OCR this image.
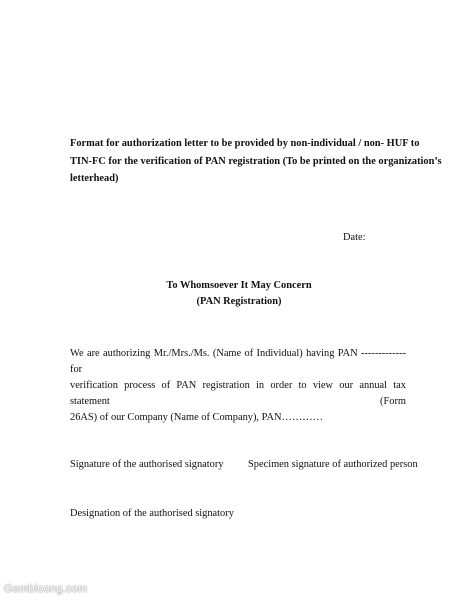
Format for authorization letter to be provided by non-individual / non- HUF to
TIN-FC for the verification of PAN registration (To be printed on the organization’s
letterhead)
Date:
To Whomsoever It May Concern
(PAN Registration)
We are authorizing Mr./Mrs./Ms. (Name of Individual) having PAN ------------- for
verification process of PAN registration in order to view our annual tax statement (Form
26AS) of our Company (Name of Company), PAN…………
Signature of the authorised signatory Specimen signature of authorized person
Designation of the authorised signatory
Gembloong.com
